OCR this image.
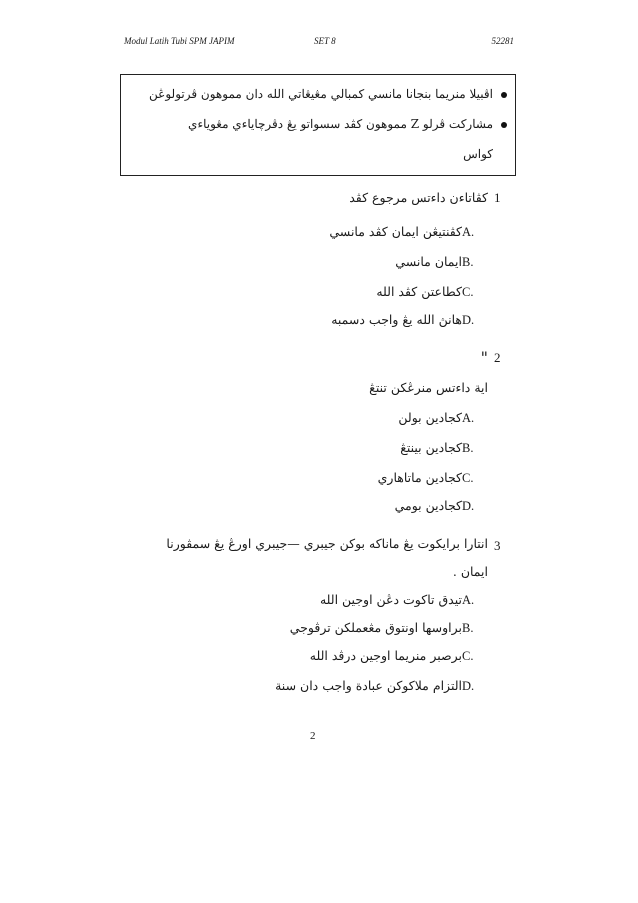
Modul Latih Tubi SPM JAPIM	SET 8	52281
اڤبيلا منريما بنجانا مانسي كمبالي مڠيڠاتي الله دان مموهون ڤرتولوڠن
مشاركت ڤرلو Z مموهون كڤد سسواتو يڠ دڤرچاياءي مڠوياءي
كواس
1
كڤاتاءن داءتس مرجوع كڤد
A.كڤنتيڠن ايمان كڤد مانسي
B.ايمان مانسي
C.كطاعتن كڤد الله
D.هانڽ الله يڠ واجب دسمبه
2
"
اية داءتس منرڠكن تنتڠ
A.كجادين بولن
B.كجادين بينتڠ
C.كجادين ماتاهاري
D.كجادين بومي
3
انتارا برايكوت يڠ ماناكه بوكن جيبري —جيبري اورڠ يڠ سمڤورنا
ايمان .
A.تيدق تاكوت دڠن اوجين الله
B.براوسها اونتوق مڠعملكن ترڤوجي
C.برصبر منريما اوجين درڤد الله
D.التزام ملاكوكن عبادة واجب دان سنة
2
